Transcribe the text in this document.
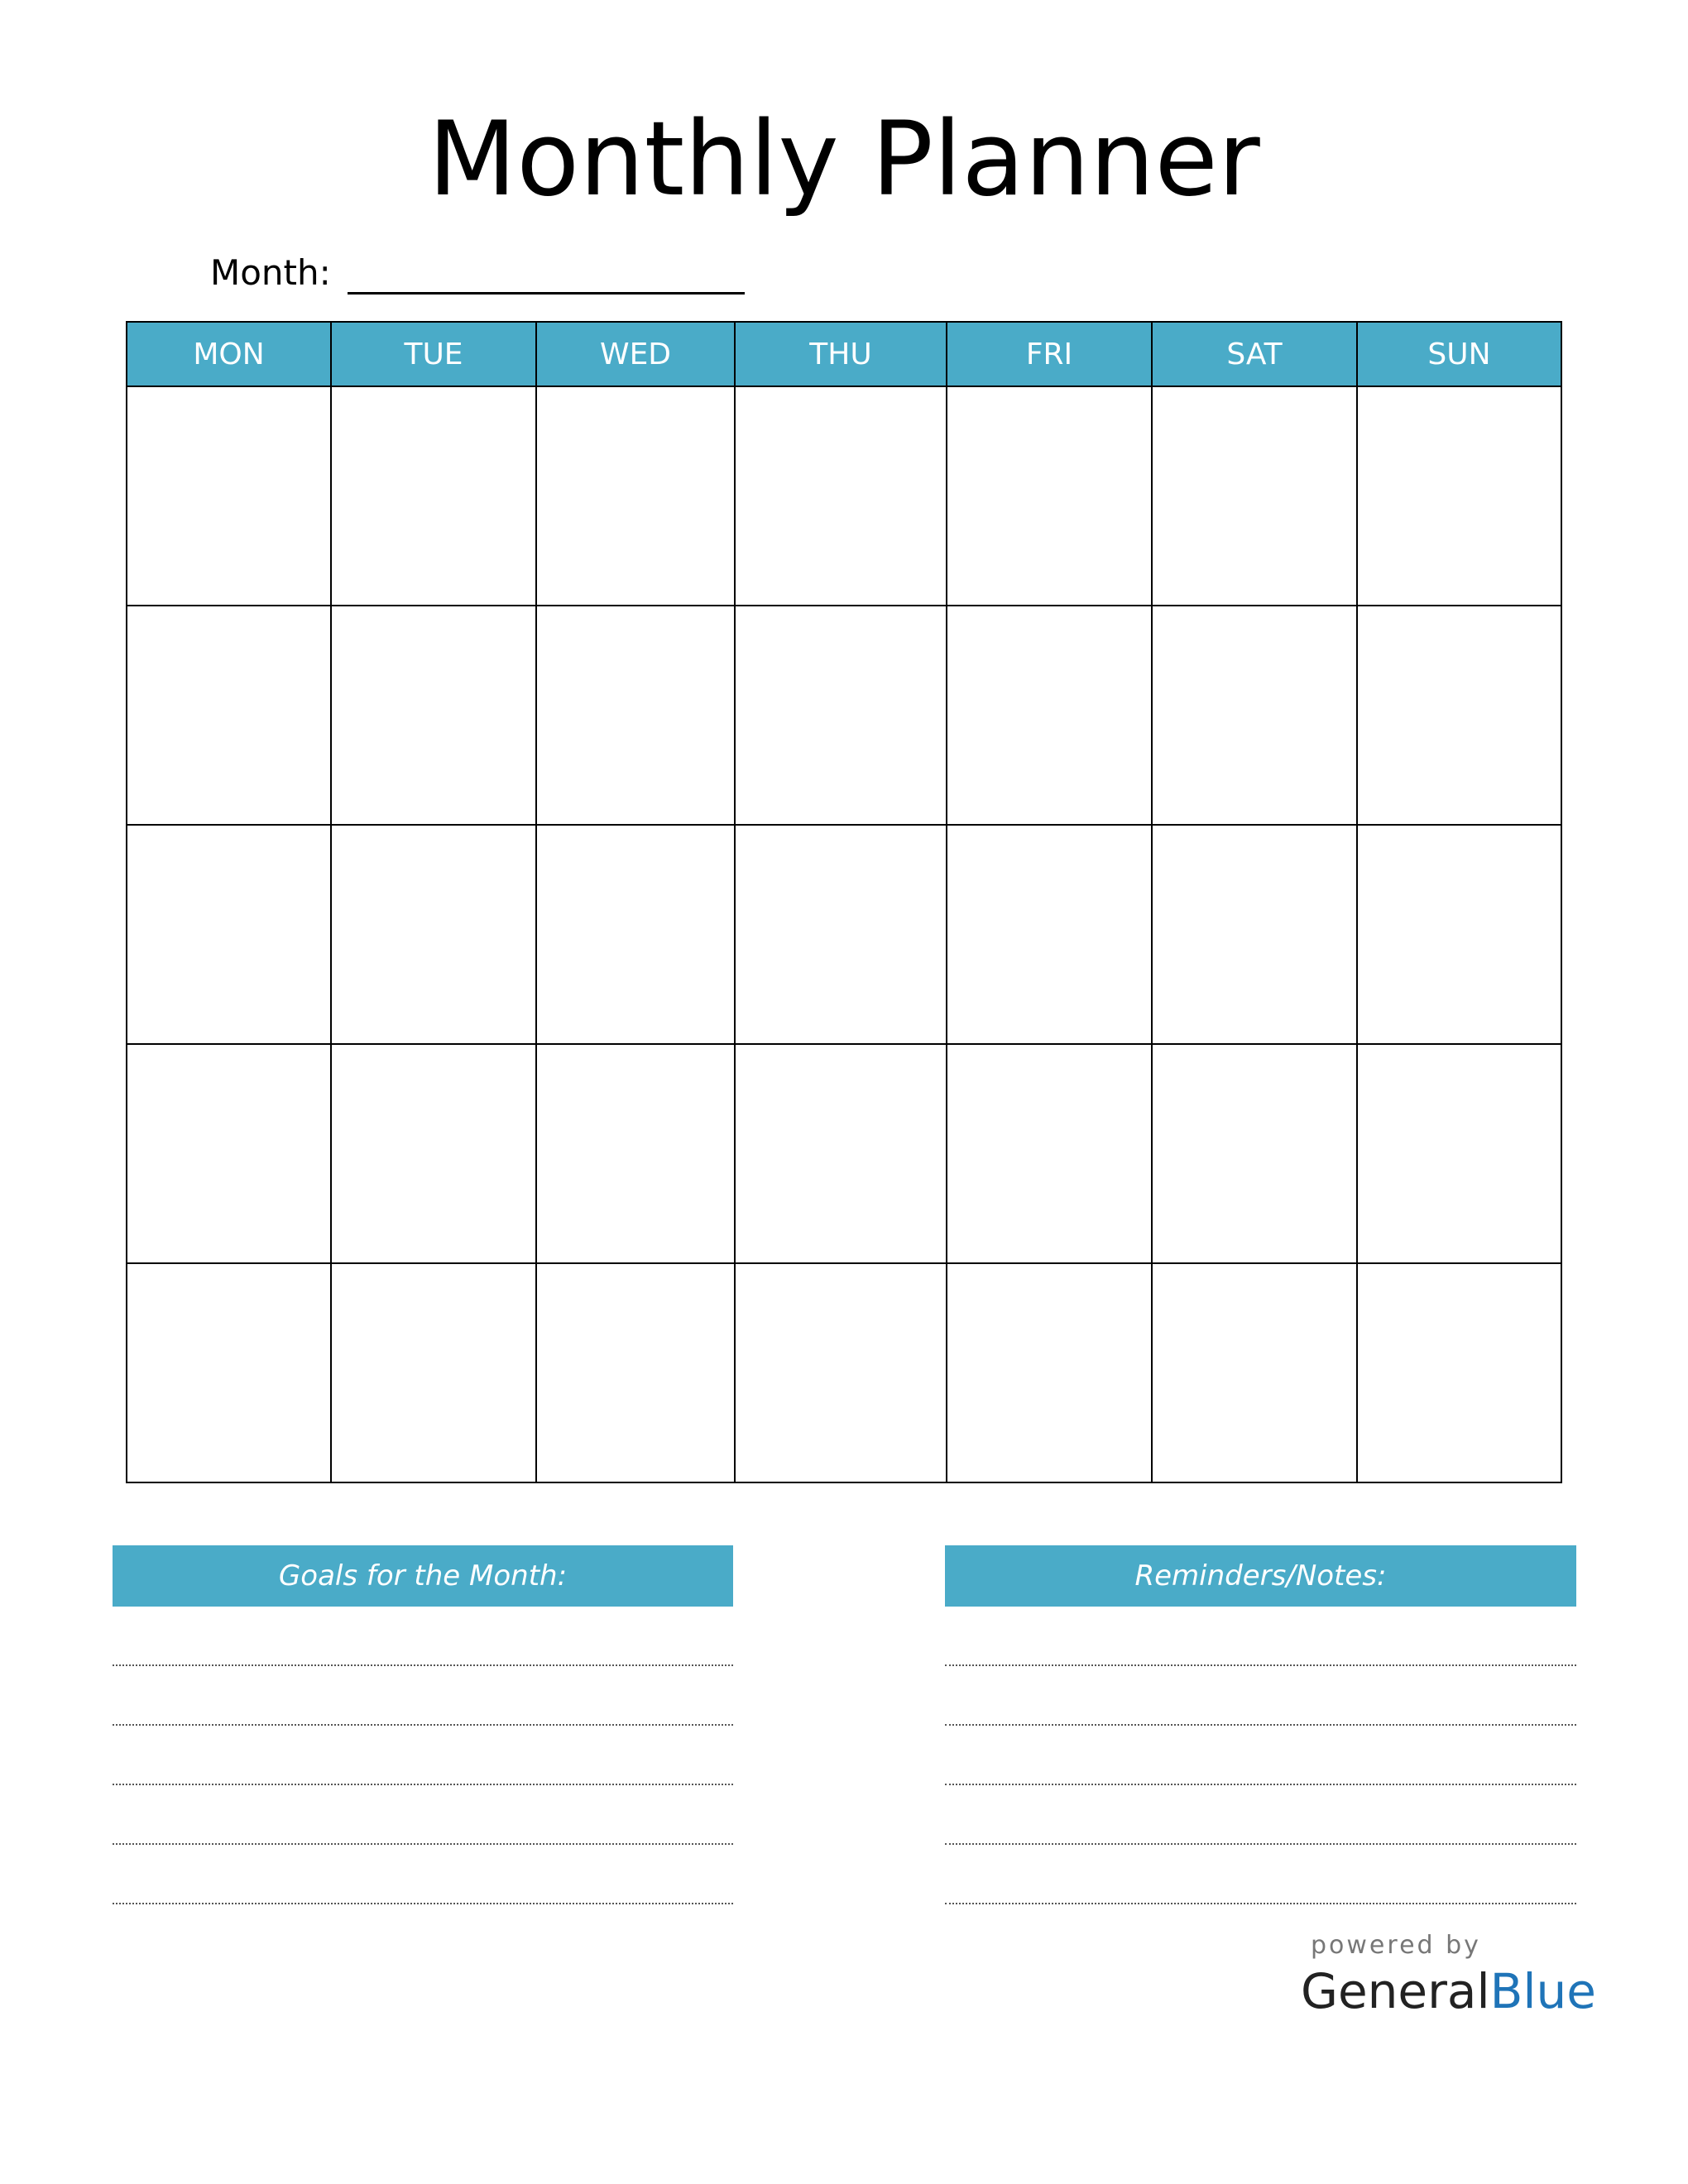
Monthly Planner
Month:
MON	TUE	WED	THU	FRI	SAT	SUN

Goals for the Month:	Reminders/Notes:
powered by
GeneralBlue
